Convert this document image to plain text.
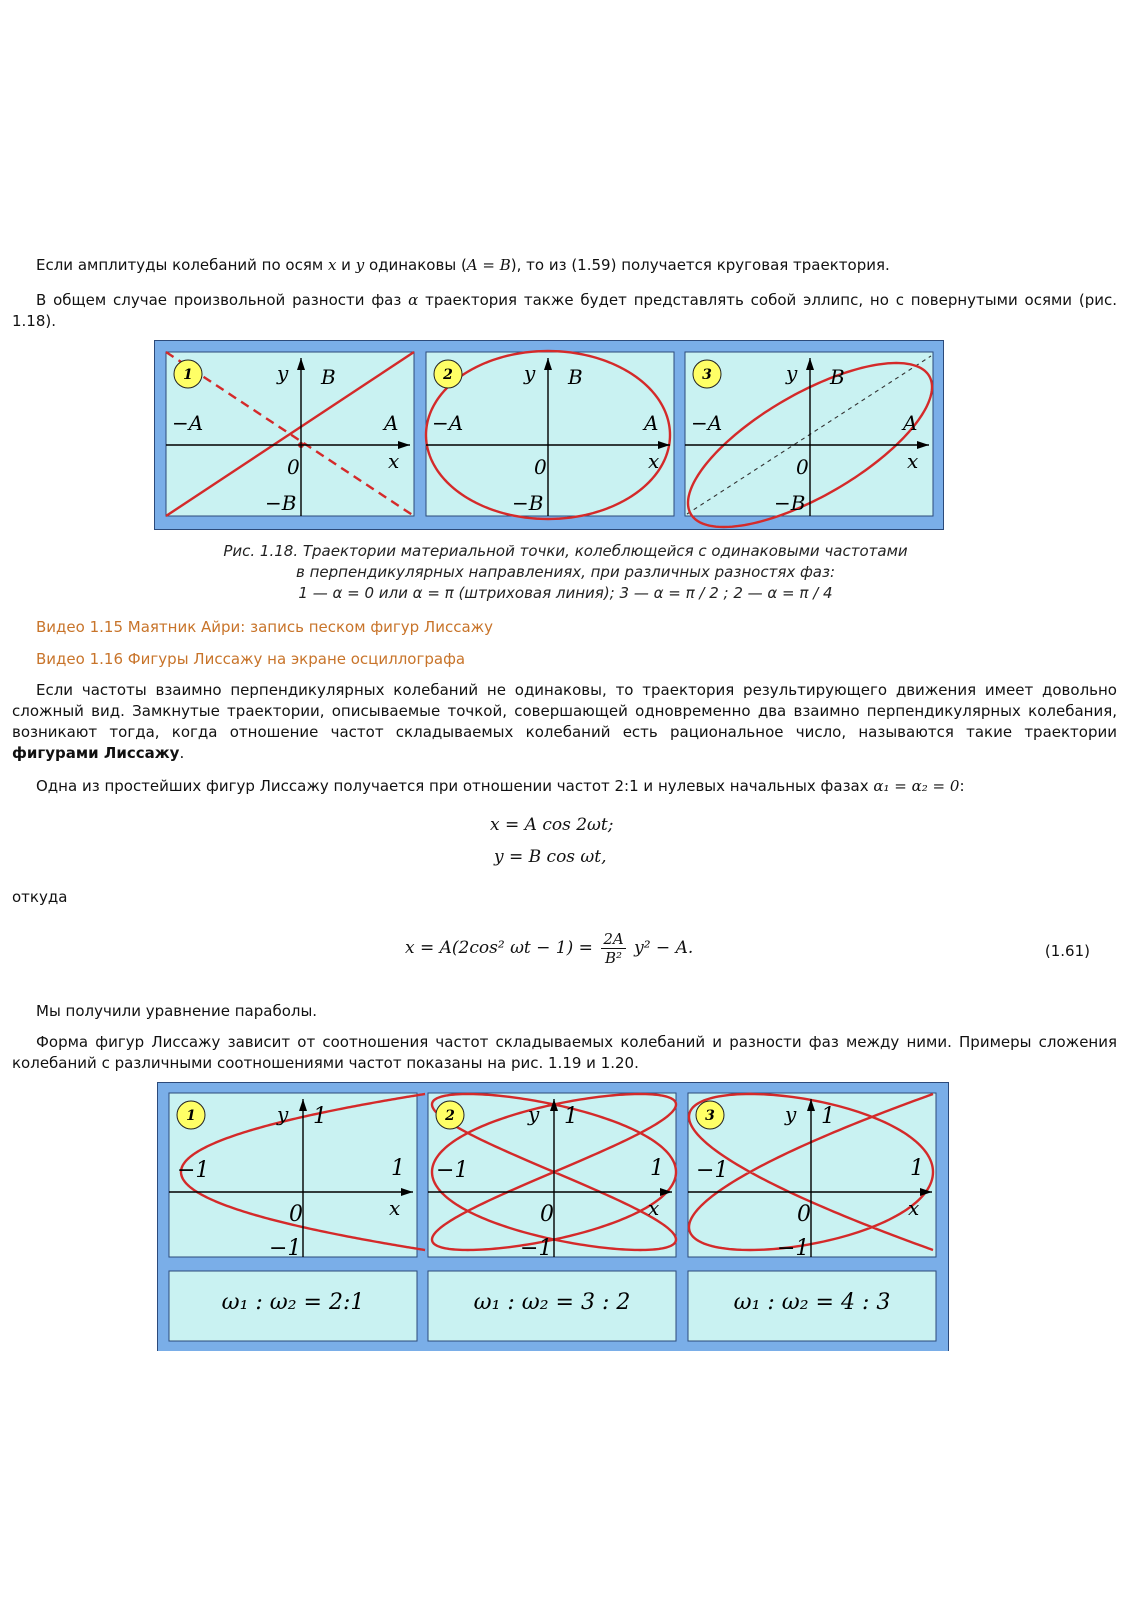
Если амплитуды колебаний по осям x и y одинаковы (A = B), то из (1.59) получается круговая траектория.
В общем случае произвольной разности фаз α траектория также будет представлять собой эллипс, но с повернутыми осями (рис. 1.18).
1	y B
−A	A
0	x
−B
2	y B
−A	A
0	x
−B
3	y B
−A	A
0	x
−B
Рис. 1.18. Траектории материальной точки, колеблющейся с одинаковыми частотами
в перпендикулярных направлениях, при различных разностях фаз:
1 — α = 0 или α = π (штриховая линия); 3 — α = π / 2 ; 2 — α = π / 4
Видео 1.15 Маятник Айри: запись песком фигур Лиссажу
Видео 1.16 Фигуры Лиссажу на экране осциллографа
Если частоты взаимно перпендикулярных колебаний не одинаковы, то траектория результирующего движения имеет довольно сложный вид. Замкнутые траектории, описываемые точкой, совершающей одновременно два взаимно перпендикулярных колебания, возникают тогда, когда отношение частот складываемых колебаний есть рациональное число, называются такие траектории фигурами Лиссажу.
Одна из простейших фигур Лиссажу получается при отношении частот 2:1 и нулевых начальных фазах α₁ = α₂ = 0:
x = A cos 2ωt;
y = B cos ωt,
откуда
x = A(2cos² $\omega t - 1) = \frac{2A}{\text{B²}} y^2 - A$.	(1.61)
Мы получили уравнение параболы.
Форма фигур Лиссажу зависит от соотношения частот складываемых колебаний и разности фаз между ними. Примеры сложения колебаний с различными соотношениями частот показаны на рис. 1.19 и 1.20.
1	y 1
−1	1
0	x
−1
ω₁ : ω₂ = 2:1
2	y 1
−1	1
0	x
−1
ω₁ : ω₂ = 3 : 2
3	y 1
−1	1
0	x
−1
ω₁ : ω₂ = 4 : 3
